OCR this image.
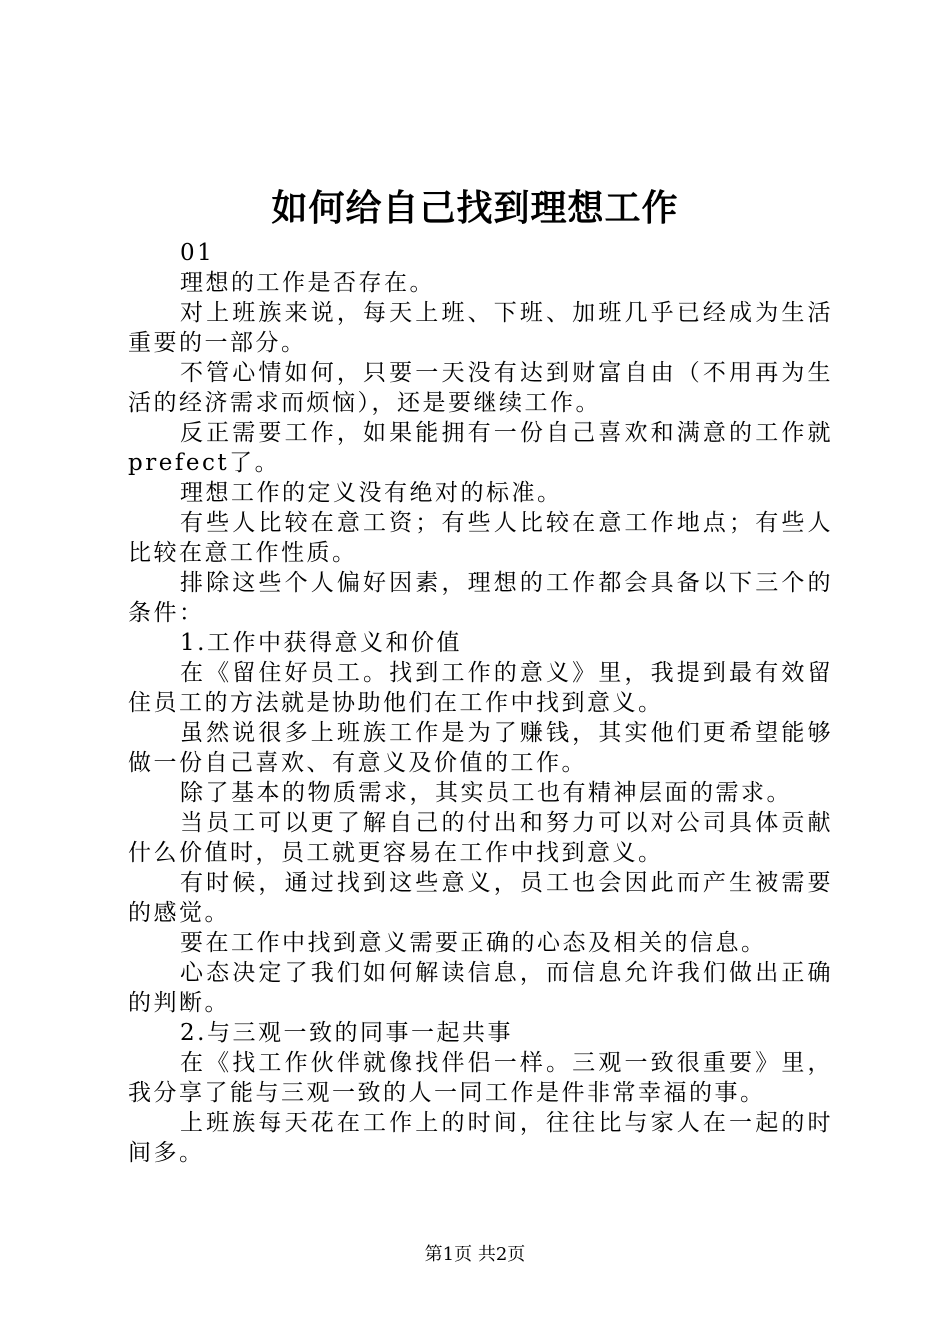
如何给自己找到理想工作

01

理想的工作是否存在。

对上班族来说，每天上班、下班、加班几乎已经成为生活重要的一部分。

不管心情如何，只要一天没有达到财富自由（不用再为生活的经济需求而烦恼），还是要继续工作。

反正需要工作，如果能拥有一份自己喜欢和满意的工作就prefect了。

理想工作的定义没有绝对的标准。

有些人比较在意工资；有些人比较在意工作地点；有些人比较在意工作性质。

排除这些个人偏好因素，理想的工作都会具备以下三个的条件：

1.工作中获得意义和价值

在《留住好员工。找到工作的意义》里，我提到最有效留住员工的方法就是协助他们在工作中找到意义。

虽然说很多上班族工作是为了赚钱，其实他们更希望能够做一份自己喜欢、有意义及价值的工作。

除了基本的物质需求，其实员工也有精神层面的需求。

当员工可以更了解自己的付出和努力可以对公司具体贡献什么价值时，员工就更容易在工作中找到意义。

有时候，通过找到这些意义，员工也会因此而产生被需要的感觉。

要在工作中找到意义需要正确的心态及相关的信息。

心态决定了我们如何解读信息，而信息允许我们做出正确的判断。

2.与三观一致的同事一起共事

在《找工作伙伴就像找伴侣一样。三观一致很重要》里，我分享了能与三观一致的人一同工作是件非常幸福的事。

上班族每天花在工作上的时间，往往比与家人在一起的时间多。

第1页 共2页
